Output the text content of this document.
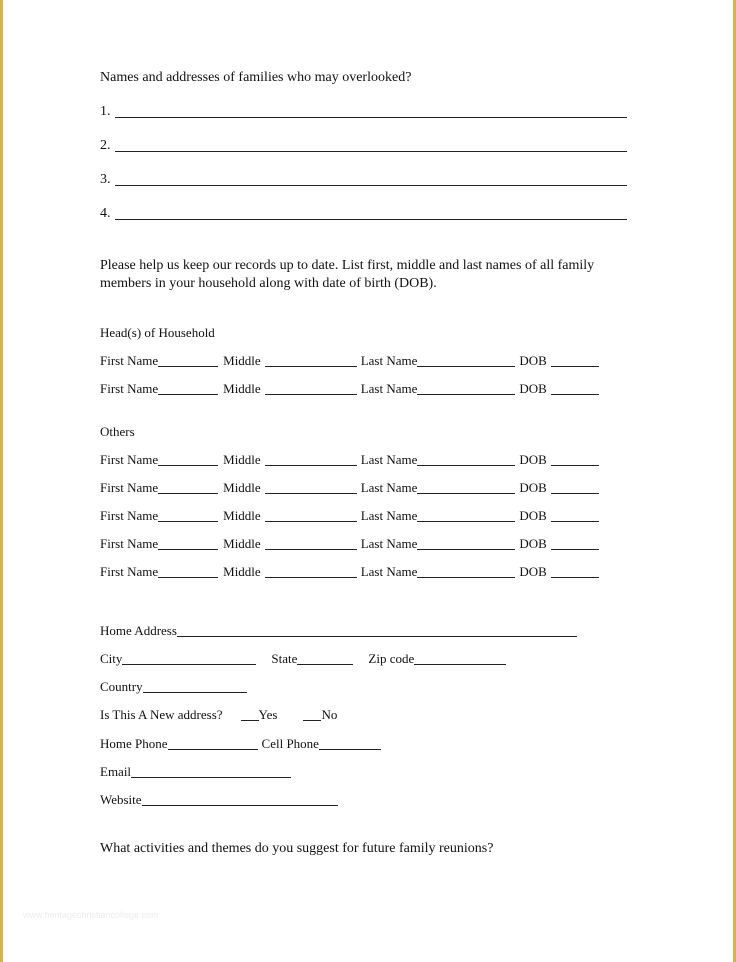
Names and addresses of families who may overlooked?
1.
2.
3.
4.
Please help us keep our records up to date. List first, middle and last names of all family
members in your household along with date of birth (DOB).
Head(s) of Household
First Name	Middle	Last Name	DOB
First Name	Middle	Last Name	DOB
Others
First Name	Middle	Last Name	DOB
First Name	Middle	Last Name	DOB
First Name	Middle	Last Name	DOB
First Name	Middle	Last Name	DOB
First Name	Middle	Last Name	DOB
Home Address
City	State	Zip code
Country
Is This A New address?	Yes	No
Home Phone	Cell Phone
Email
Website
What activities and themes do you suggest for future family reunions?
www.heritagechristiancollege.com
